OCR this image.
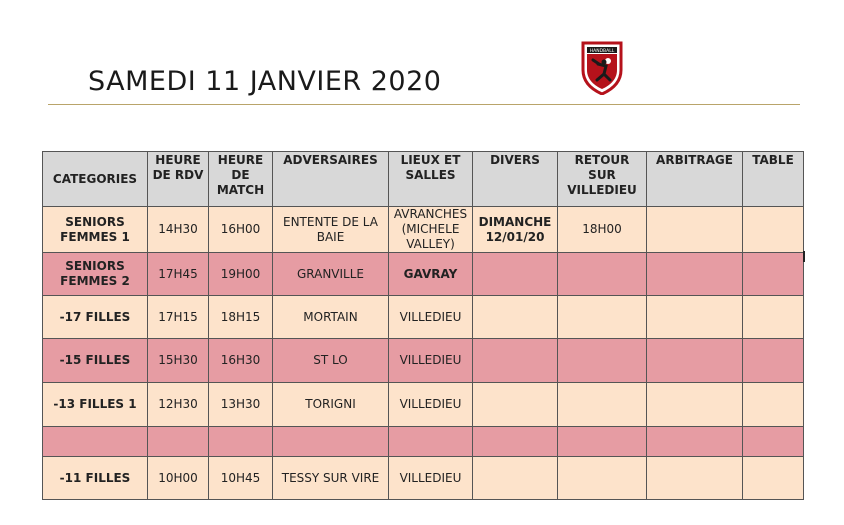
SAMEDI 11 JANVIER 2020
HANDBALL
CATEGORIES	HEURE DE RDV	HEURE DE MATCH	ADVERSAIRES	LIEUX ET SALLES	DIVERS	RETOUR SUR VILLEDIEU	ARBITRAGE	TABLE
SENIORS FEMMES 1	14H30	16H00	ENTENTE DE LA BAIE	AVRANCHES (MICHELE VALLEY)	DIMANCHE 12/01/20	18H00		
SENIORS FEMMES 2	17H45	19H00	GRANVILLE	GAVRAY				
-17 FILLES	17H15	18H15	MORTAIN	VILLEDIEU				
-15 FILLES	15H30	16H30	ST LO	VILLEDIEU				
-13 FILLES 1	12H30	13H30	TORIGNI	VILLEDIEU				

-11 FILLES	10H00	10H45	TESSY SUR VIRE	VILLEDIEU				
